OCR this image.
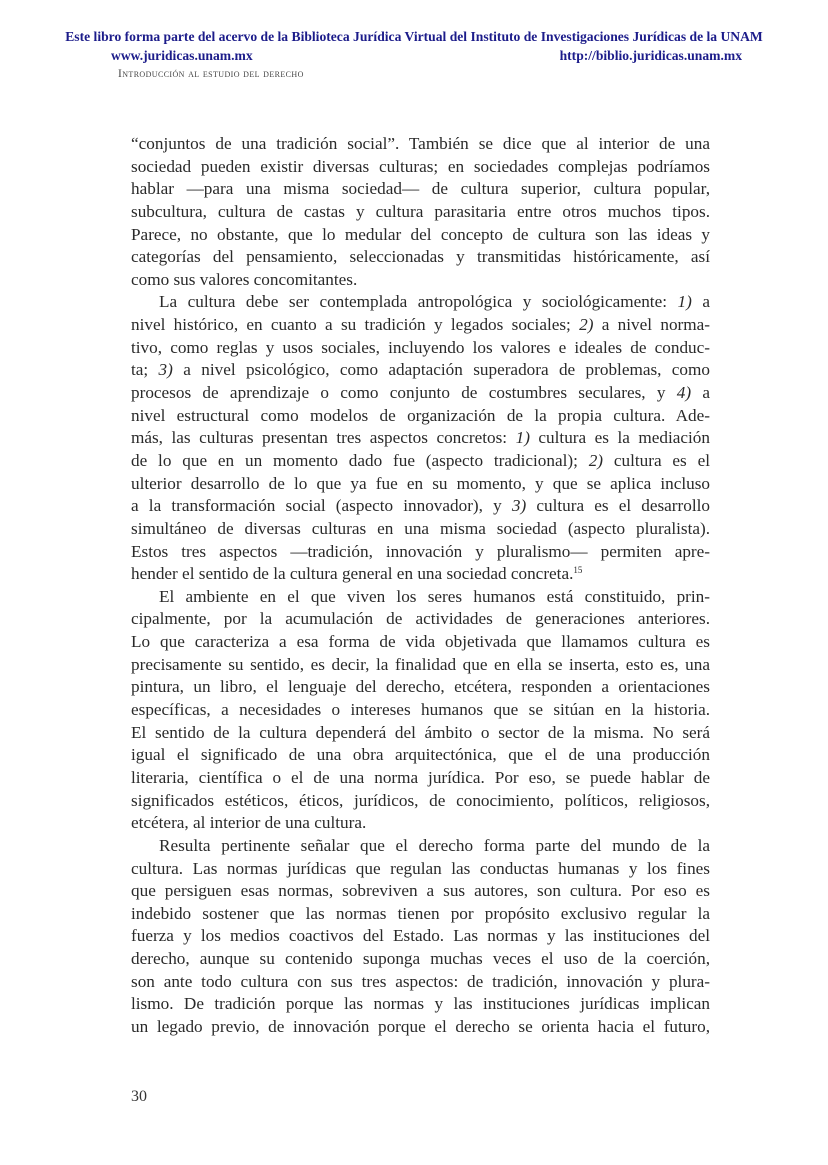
Este libro forma parte del acervo de la Biblioteca Jurídica Virtual del Instituto de Investigaciones Jurídicas de la UNAM
www.juridicas.unam.mx	http://biblio.juridicas.unam.mx
Introducción al estudio del derecho
“conjuntos de una tradición social”. También se dice que al interior de una
sociedad pueden existir diversas culturas; en sociedades complejas podríamos
hablar —para una misma sociedad— de cultura superior, cultura popular,
subcultura, cultura de castas y cultura parasitaria entre otros muchos tipos.
Parece, no obstante, que lo medular del concepto de cultura son las ideas y
categorías del pensamiento, seleccionadas y transmitidas históricamente, así
como sus valores concomitantes.
La cultura debe ser contemplada antropológica y sociológicamente: 1) a
nivel histórico, en cuanto a su tradición y legados sociales; 2) a nivel norma-
tivo, como reglas y usos sociales, incluyendo los valores e ideales de conduc-
ta; 3) a nivel psicológico, como adaptación superadora de problemas, como
procesos de aprendizaje o como conjunto de costumbres seculares, y 4) a
nivel estructural como modelos de organización de la propia cultura. Ade-
más, las culturas presentan tres aspectos concretos: 1) cultura es la mediación
de lo que en un momento dado fue (aspecto tradicional); 2) cultura es el
ulterior desarrollo de lo que ya fue en su momento, y que se aplica incluso
a la transformación social (aspecto innovador), y 3) cultura es el desarrollo
simultáneo de diversas culturas en una misma sociedad (aspecto pluralista).
Estos tres aspectos —tradición, innovación y pluralismo— permiten apre-
hender el sentido de la cultura general en una sociedad concreta.$^{15}$
El ambiente en el que viven los seres humanos está constituido, prin-
cipalmente, por la acumulación de actividades de generaciones anteriores.
Lo que caracteriza a esa forma de vida objetivada que llamamos cultura es
precisamente su sentido, es decir, la finalidad que en ella se inserta, esto es, una
pintura, un libro, el lenguaje del derecho, etcétera, responden a orientaciones
específicas, a necesidades o intereses humanos que se sitúan en la historia.
El sentido de la cultura dependerá del ámbito o sector de la misma. No será
igual el significado de una obra arquitectónica, que el de una producción
literaria, científica o el de una norma jurídica. Por eso, se puede hablar de
significados estéticos, éticos, jurídicos, de conocimiento, políticos, religiosos,
etcétera, al interior de una cultura.
Resulta pertinente señalar que el derecho forma parte del mundo de la
cultura. Las normas jurídicas que regulan las conductas humanas y los fines
que persiguen esas normas, sobreviven a sus autores, son cultura. Por eso es
indebido sostener que las normas tienen por propósito exclusivo regular la
fuerza y los medios coactivos del Estado. Las normas y las instituciones del
derecho, aunque su contenido suponga muchas veces el uso de la coerción,
son ante todo cultura con sus tres aspectos: de tradición, innovación y plura-
lismo. De tradición porque las normas y las instituciones jurídicas implican
un legado previo, de innovación porque el derecho se orienta hacia el futuro,
30
